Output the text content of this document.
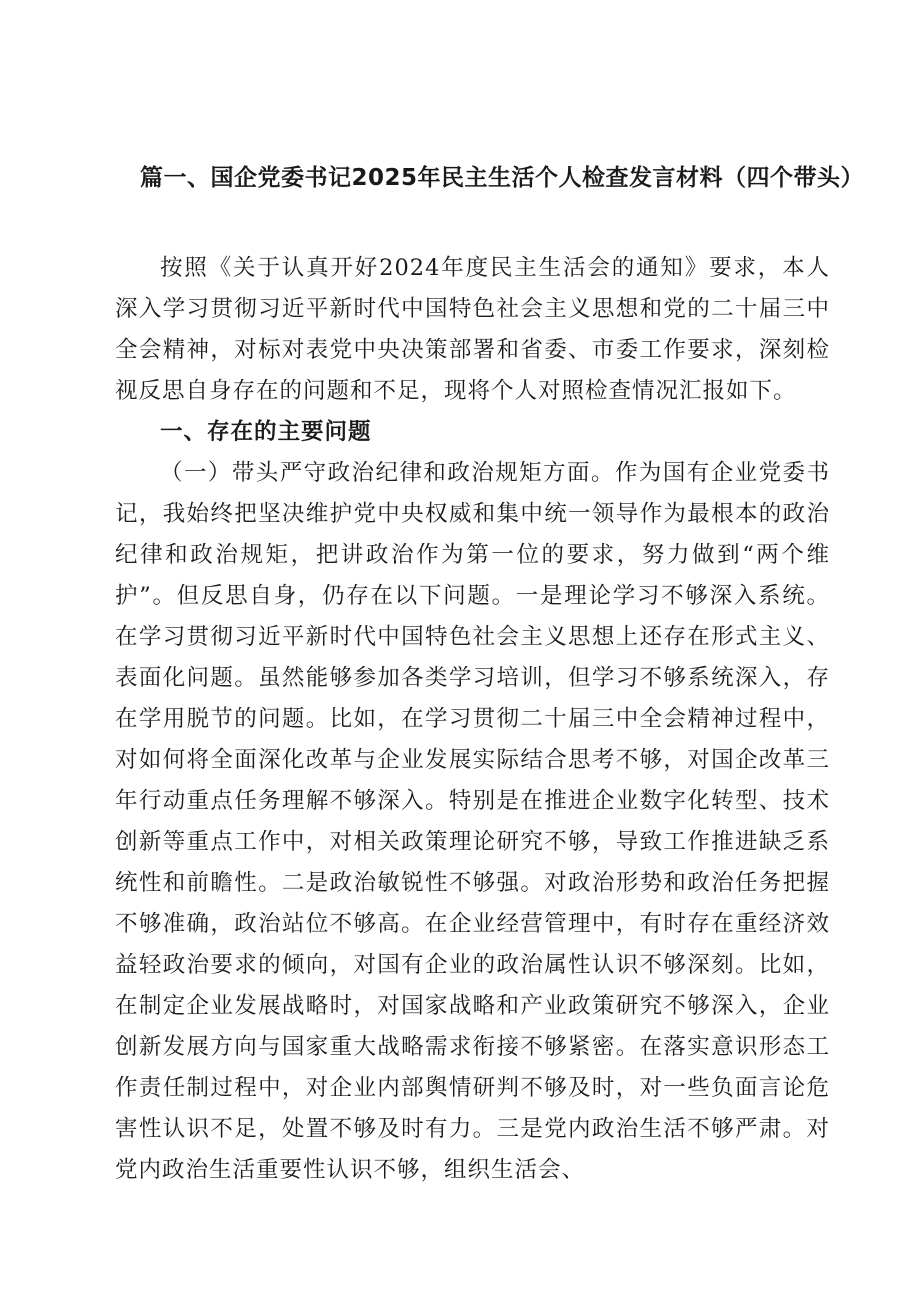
篇一、国企党委书记2025年民主生活个人检查发言材料（四个带头）

按照《关于认真开好2024年度民主生活会的通知》要求，本人深入学习贯彻习近平新时代中国特色社会主义思想和党的二十届三中全会精神，对标对表党中央决策部署和省委、市委工作要求，深刻检视反思自身存在的问题和不足，现将个人对照检查情况汇报如下。

一、存在的主要问题

（一）带头严守政治纪律和政治规矩方面。作为国有企业党委书记，我始终把坚决维护党中央权威和集中统一领导作为最根本的政治纪律和政治规矩，把讲政治作为第一位的要求，努力做到“两个维护”。但反思自身，仍存在以下问题。一是理论学习不够深入系统。在学习贯彻习近平新时代中国特色社会主义思想上还存在形式主义、表面化问题。虽然能够参加各类学习培训，但学习不够系统深入，存在学用脱节的问题。比如，在学习贯彻二十届三中全会精神过程中，对如何将全面深化改革与企业发展实际结合思考不够，对国企改革三年行动重点任务理解不够深入。特别是在推进企业数字化转型、技术创新等重点工作中，对相关政策理论研究不够，导致工作推进缺乏系统性和前瞻性。二是政治敏锐性不够强。对政治形势和政治任务把握不够准确，政治站位不够高。在企业经营管理中，有时存在重经济效益轻政治要求的倾向，对国有企业的政治属性认识不够深刻。比如，在制定企业发展战略时，对国家战略和产业政策研究不够深入，企业创新发展方向与国家重大战略需求衔接不够紧密。在落实意识形态工作责任制过程中，对企业内部舆情研判不够及时，对一些负面言论危害性认识不足，处置不够及时有力。三是党内政治生活不够严肃。对党内政治生活重要性认识不够，组织生活会、
